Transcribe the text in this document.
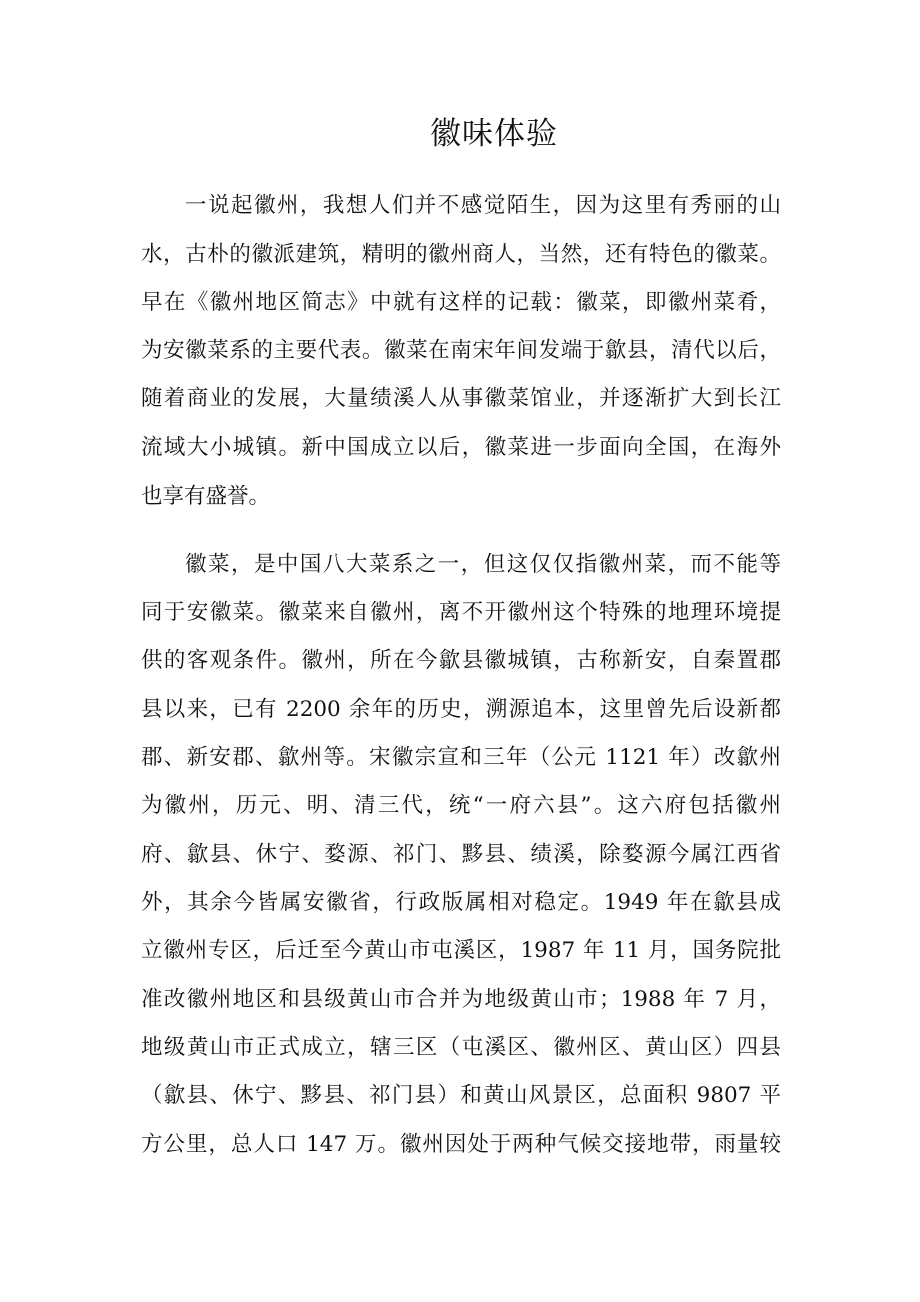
徽味体验
一说起徽州，我想人们并不感觉陌生，因为这里有秀丽的山
水，古朴的徽派建筑，精明的徽州商人，当然，还有特色的徽菜。
早在《徽州地区简志》中就有这样的记载：徽菜，即徽州菜肴，
为安徽菜系的主要代表。徽菜在南宋年间发端于歙县，清代以后，
随着商业的发展，大量绩溪人从事徽菜馆业，并逐渐扩大到长江
流域大小城镇。新中国成立以后，徽菜进一步面向全国，在海外
也享有盛誉。
徽菜，是中国八大菜系之一，但这仅仅指徽州菜，而不能等
同于安徽菜。徽菜来自徽州，离不开徽州这个特殊的地理环境提
供的客观条件。徽州，所在今歙县徽城镇，古称新安，自秦置郡
县以来，已有 2200 余年的历史，溯源追本，这里曾先后设新都
郡、新安郡、歙州等。宋徽宗宣和三年（公元 1121 年）改歙州
为徽州，历元、明、清三代，统“一府六县”。这六府包括徽州
府、歙县、休宁、婺源、祁门、黟县、绩溪，除婺源今属江西省
外，其余今皆属安徽省，行政版属相对稳定。1949 年在歙县成
立徽州专区，后迁至今黄山市屯溪区，1987 年 11 月，国务院批
准改徽州地区和县级黄山市合并为地级黄山市；1988 年 7 月，
地级黄山市正式成立，辖三区（屯溪区、徽州区、黄山区）四县
（歙县、休宁、黟县、祁门县）和黄山风景区，总面积 9807 平
方公里，总人口 147 万。徽州因处于两种气候交接地带，雨量较
